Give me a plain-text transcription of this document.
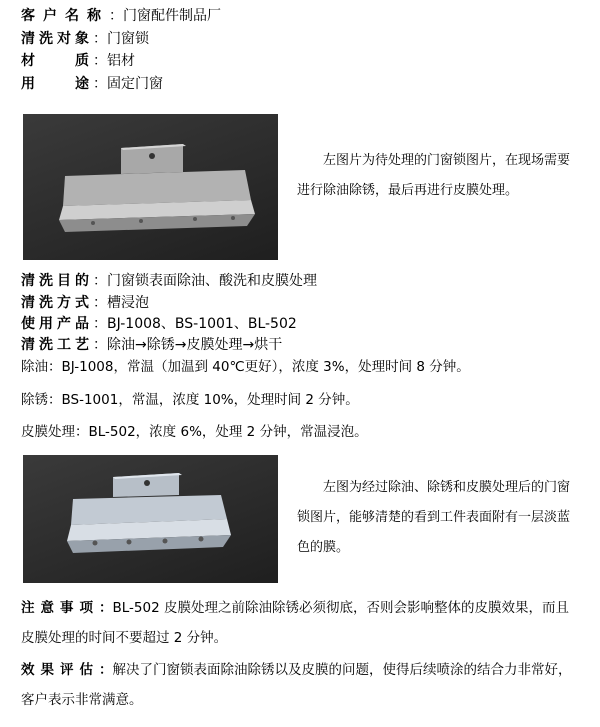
客户名称：门窗配件制品厂
清洗对象：门窗锁
材　　质：铝材
用　　途：固定门窗
左图片为待处理的门窗锁图片，在现场需要进行除油除锈，最后再进行皮膜处理。
清洗目的：门窗锁表面除油、酸洗和皮膜处理
清洗方式：槽浸泡
使用产品：BJ-1008、BS-1001、BL-502
清洗工艺：除油→除锈→皮膜处理→烘干
除油：BJ-1008，常温（加温到 40℃更好），浓度 3%，处理时间 8 分钟。
除锈：BS-1001，常温，浓度 10%，处理时间 2 分钟。
皮膜处理：BL-502，浓度 6%，处理 2 分钟，常温浸泡。
左图为经过除油、除锈和皮膜处理后的门窗锁图片，能够清楚的看到工件表面附有一层淡蓝色的膜。
注意事项：BL-502 皮膜处理之前除油除锈必须彻底，否则会影响整体的皮膜效果，而且皮膜处理的时间不要超过 2 分钟。
效果评估：解决了门窗锁表面除油除锈以及皮膜的问题，使得后续喷涂的结合力非常好，客户表示非常满意。
